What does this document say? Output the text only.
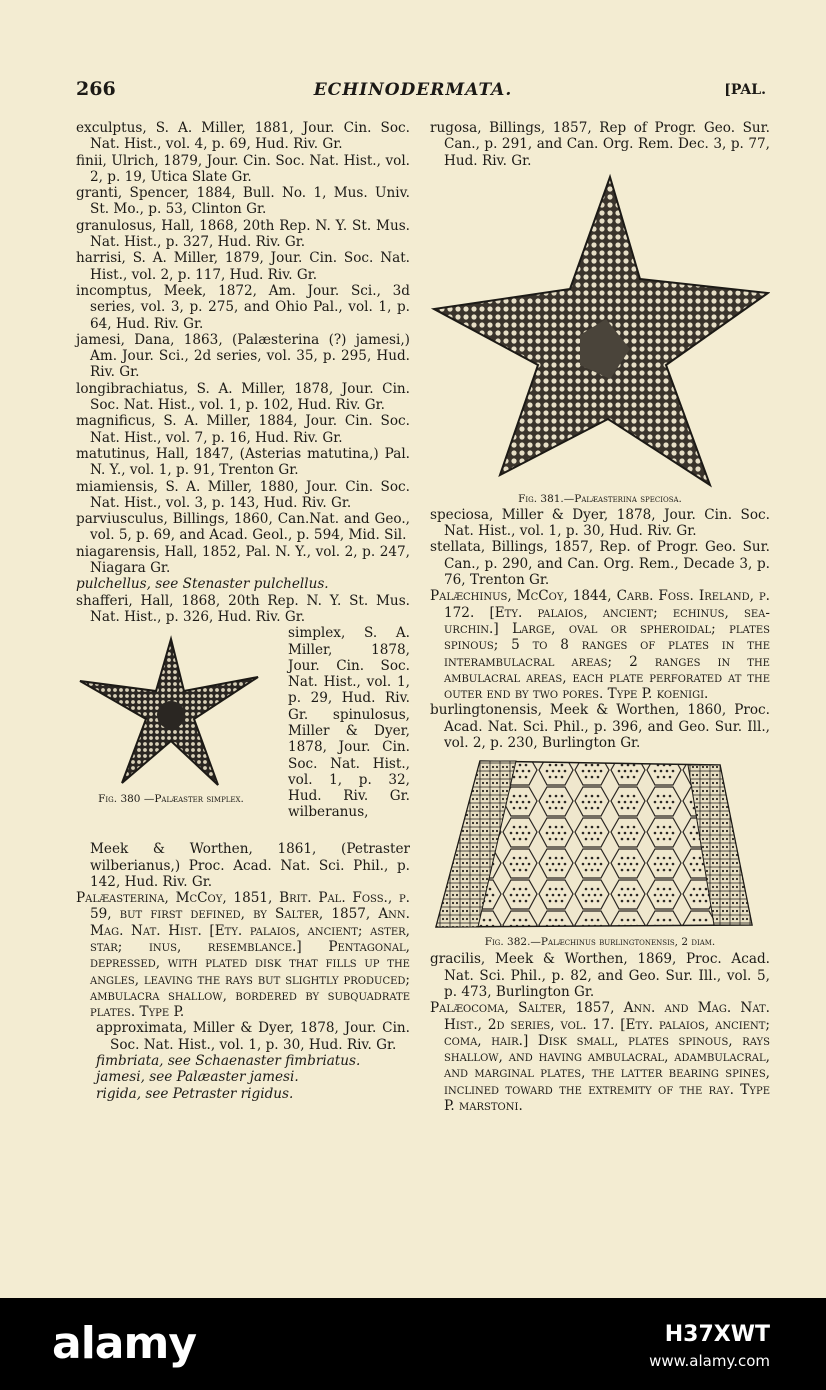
266	ECHINODERMATA.	[PAL.

exculptus, S. A. Miller, 1881, Jour. Cin. Soc. Nat. Hist., vol. 4, p. 69, Hud. Riv. Gr.

finii, Ulrich, 1879, Jour. Cin. Soc. Nat. Hist., vol. 2, p. 19, Utica Slate Gr.

granti, Spencer, 1884, Bull. No. 1, Mus. Univ. St. Mo., p. 53, Clinton Gr.

granulosus, Hall, 1868, 20th Rep. N. Y. St. Mus. Nat. Hist., p. 327, Hud. Riv. Gr.

harrisi, S. A. Miller, 1879, Jour. Cin. Soc. Nat. Hist., vol. 2, p. 117, Hud. Riv. Gr.

incomptus, Meek, 1872, Am. Jour. Sci., 3d series, vol. 3, p. 275, and Ohio Pal., vol. 1, p. 64, Hud. Riv. Gr.

jamesi, Dana, 1863, (Palæsterina (?) jamesi,) Am. Jour. Sci., 2d series, vol. 35, p. 295, Hud. Riv. Gr.

longibrachiatus, S. A. Miller, 1878, Jour. Cin. Soc. Nat. Hist., vol. 1, p. 102, Hud. Riv. Gr.

magnificus, S. A. Miller, 1884, Jour. Cin. Soc. Nat. Hist., vol. 7, p. 16, Hud. Riv. Gr.

matutinus, Hall, 1847, (Asterias matutina,) Pal. N. Y., vol. 1, p. 91, Trenton Gr.

miamiensis, S. A. Miller, 1880, Jour. Cin. Soc. Nat. Hist., vol. 3, p. 143, Hud. Riv. Gr.

parviusculus, Billings, 1860, Can.Nat. and Geo., vol. 5, p. 69, and Acad. Geol., p. 594, Mid. Sil.

niagarensis, Hall, 1852, Pal. N. Y., vol. 2, p. 247, Niagara Gr.

pulchellus, see Stenaster pulchellus.

shafferi, Hall, 1868, 20th Rep. N. Y. St. Mus. Nat. Hist., p. 326, Hud. Riv. Gr.

Fig. 380 —Palæaster simplex.

simplex, S. A. Miller, 1878, Jour. Cin. Soc. Nat. Hist., vol. 1, p. 29, Hud. Riv. Gr. spinulosus, Miller & Dyer, 1878, Jour. Cin. Soc. Nat. Hist., vol. 1, p. 32, Hud. Riv. Gr. wilberanus,

Meek & Worthen, 1861, (Petraster wilberianus,) Proc. Acad. Nat. Sci. Phil., p. 142, Hud. Riv. Gr.

Palæasterina, McCoy, 1851, Brit. Pal. Foss., p. 59, but first defined, by Salter, 1857, Ann. Mag. Nat. Hist. [Ety. palaios, ancient; aster, star; inus, resemblance.] Pentagonal, depressed, with plated disk that fills up the angles, leaving the rays but slightly produced; ambulacra shallow, bordered by subquadrate plates. Type P.

approximata, Miller & Dyer, 1878, Jour. Cin. Soc. Nat. Hist., vol. 1, p. 30, Hud. Riv. Gr.

fimbriata, see Schaenaster fimbriatus.

jamesi, see Palæaster jamesi.

rigida, see Petraster rigidus.

rugosa, Billings, 1857, Rep of Progr. Geo. Sur. Can., p. 291, and Can. Org. Rem. Dec. 3, p. 77, Hud. Riv. Gr.

Fig. 381.—Palæasterina speciosa.

speciosa, Miller & Dyer, 1878, Jour. Cin. Soc. Nat. Hist., vol. 1, p. 30, Hud. Riv. Gr.

stellata, Billings, 1857, Rep. of Progr. Geo. Sur. Can., p. 290, and Can. Org. Rem., Decade 3, p. 76, Trenton Gr.

Palæchinus, McCoy, 1844, Carb. Foss. Ireland, p. 172. [Ety. palaios, ancient; echinus, sea-urchin.] Large, oval or spheroidal; plates spinous; 5 to 8 ranges of plates in the interambulacral areas; 2 ranges in the ambulacral areas, each plate perforated at the outer end by two pores. Type P. koenigi.

burlingtonensis, Meek & Worthen, 1860, Proc. Acad. Nat. Sci. Phil., p. 396, and Geo. Sur. Ill., vol. 2, p. 230, Burlington Gr.

Fig. 382.—Palæchinus burlingtonensis, 2 diam.

gracilis, Meek & Worthen, 1869, Proc. Acad. Nat. Sci. Phil., p. 82, and Geo. Sur. Ill., vol. 5, p. 473, Burlington Gr.

Palæocoma, Salter, 1857, Ann. and Mag. Nat. Hist., 2d series, vol. 17. [Ety. palaios, ancient; coma, hair.] Disk small, plates spinous, rays shallow, and having ambulacral, adambulacral, and marginal plates, the latter bearing spines, inclined toward the extremity of the ray. Type P. marstoni.

alamy	H37XWT
www.alamy.com
